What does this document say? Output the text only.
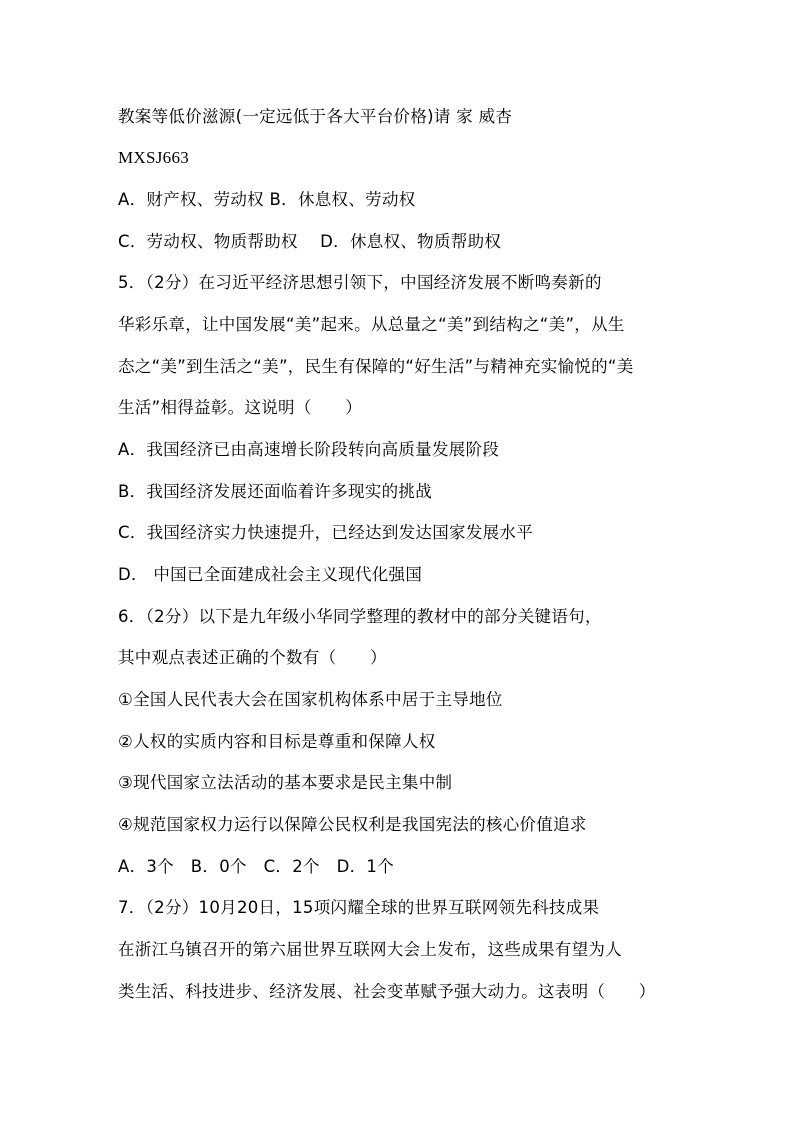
教案等低价滋源(一定远低于各大平台价格)请 家 威杏
MXSJ663
A．财产权、劳动权 B．休息权、劳动权
C．劳动权、物质帮助权　 D．休息权、物质帮助权
5．（2分）在习近平经济思想引领下，中国经济发展不断鸣奏新的
华彩乐章，让中国发展“美”起来。从总量之“美”到结构之“美”，从生
态之“美”到生活之“美”，民生有保障的“好生活”与精神充实愉悦的“美
生活”相得益彰。这说明（　　）
A．我国经济已由高速增长阶段转向高质量发展阶段
B．我国经济发展还面临着许多现实的挑战
C．我国经济实力快速提升，已经达到发达国家发展水平
D． 中国已全面建成社会主义现代化强国
6．（2分）以下是九年级小华同学整理的教材中的部分关键语句，
其中观点表述正确的个数有（　　）
①全国人民代表大会在国家机构体系中居于主导地位
②人权的实质内容和目标是尊重和保障人权
③现代国家立法活动的基本要求是民主集中制
④规范国家权力运行以保障公民权利是我国宪法的核心价值追求
A．3个　B．0个　C．2个　D．1个
7．（2分）10月20日，15项闪耀全球的世界互联网领先科技成果
在浙江乌镇召开的第六届世界互联网大会上发布，这些成果有望为人
类生活、科技进步、经济发展、社会变革赋予强大动力。这表明（　　）
